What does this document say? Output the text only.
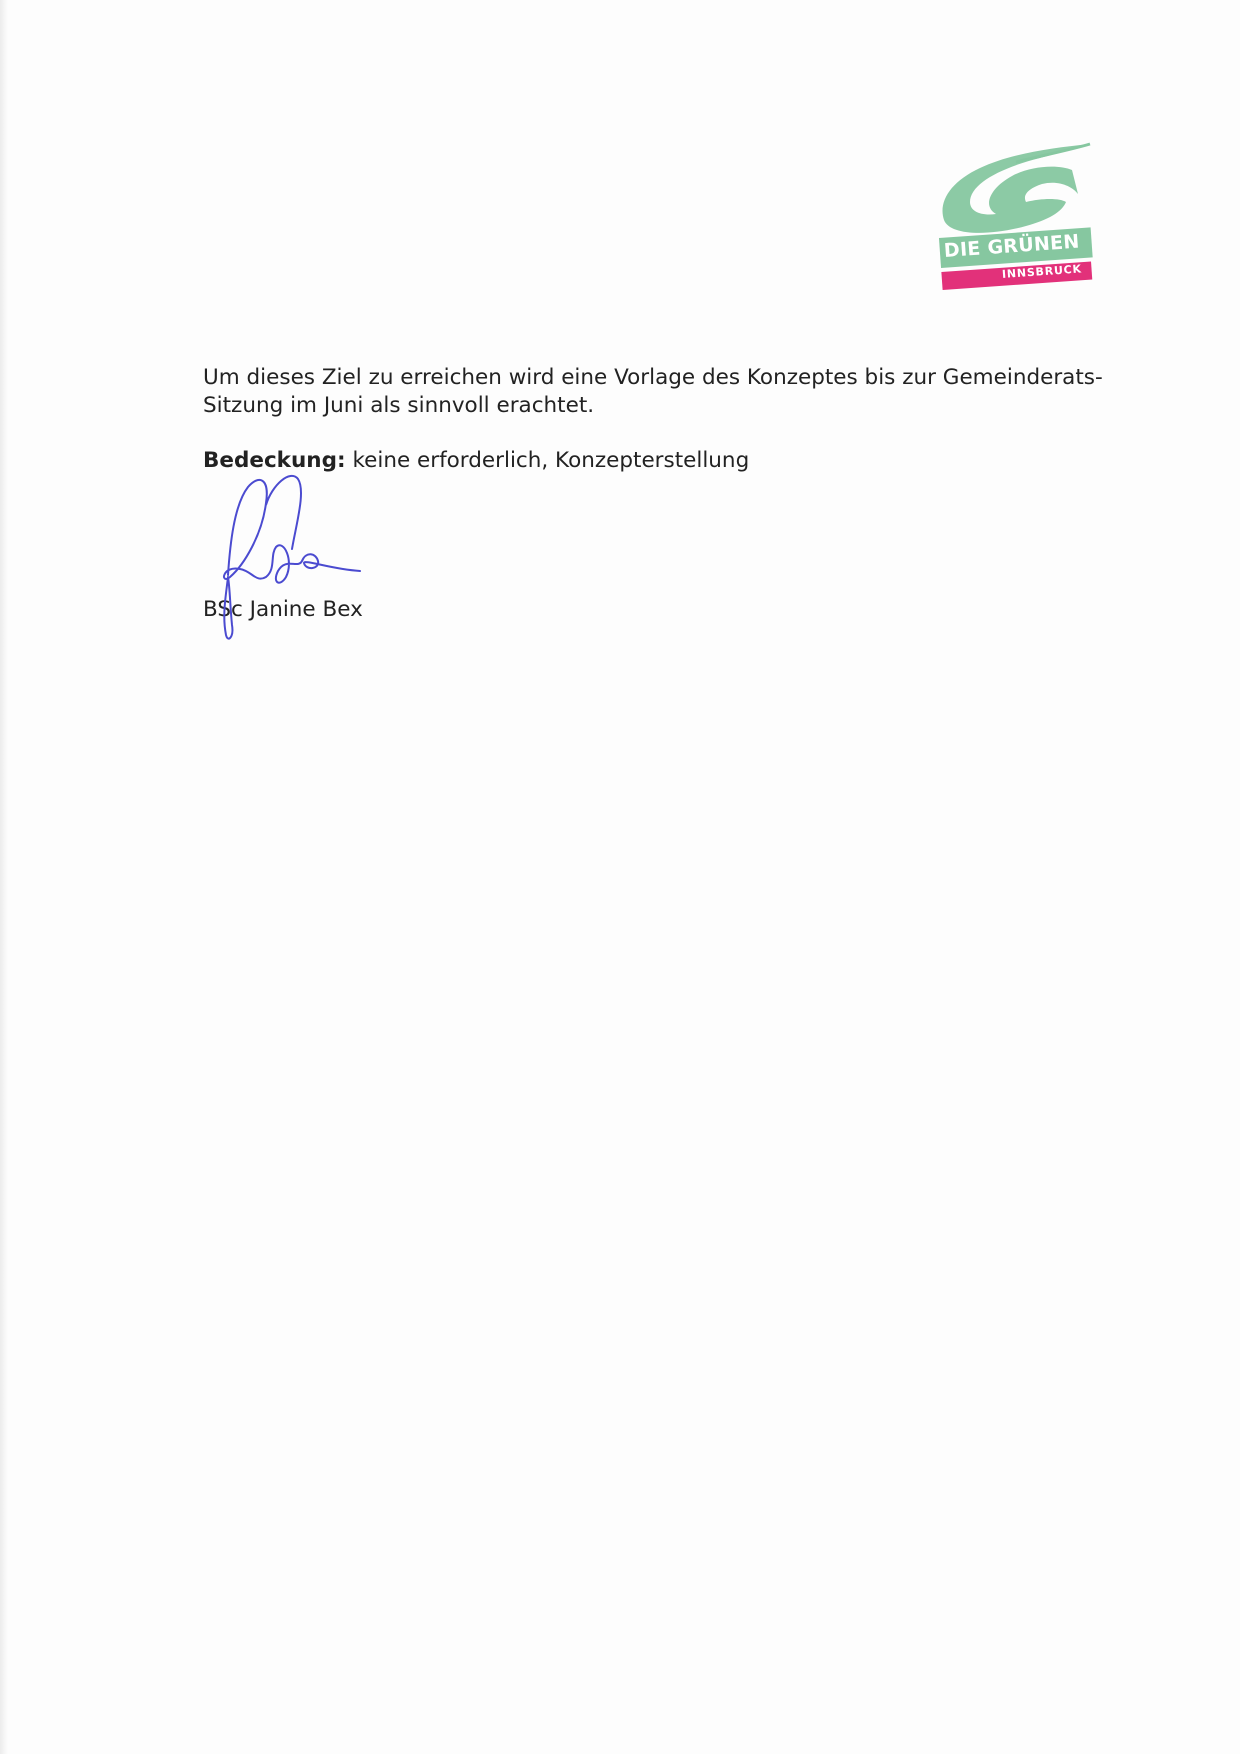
DIE GRÜNEN
INNSBRUCK

Um dieses Ziel zu erreichen wird eine Vorlage des Konzeptes bis zur Gemeinderats-Sitzung im Juni als sinnvoll erachtet.

Bedeckung: keine erforderlich, Konzepterstellung
BSc Janine Bex
